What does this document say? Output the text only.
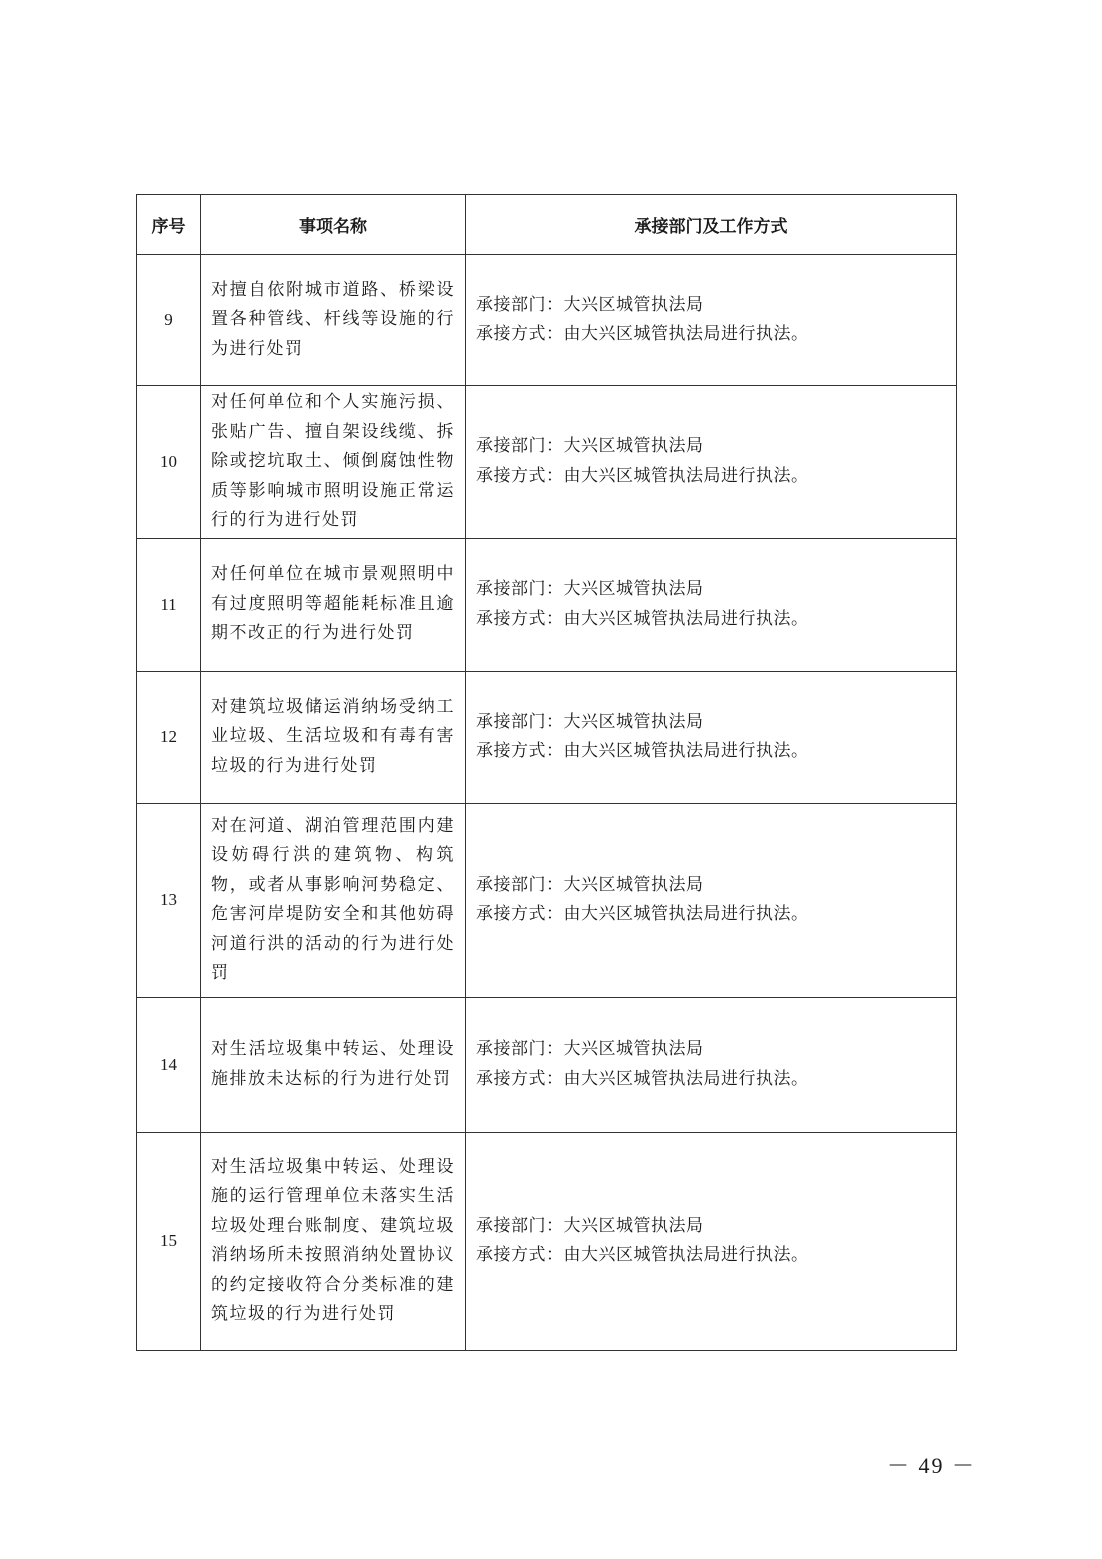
序号	事项名称	承接部门及工作方式
9	对擅自依附城市道路、桥梁设置各种管线、杆线等设施的行为进行处罚	承接部门：大兴区城管执法局
承接方式：由大兴区城管执法局进行执法。

10	对任何单位和个人实施污损、张贴广告、擅自架设线缆、拆除或挖坑取土、倾倒腐蚀性物质等影响城市照明设施正常运行的行为进行处罚	承接部门：大兴区城管执法局
承接方式：由大兴区城管执法局进行执法。

11	对任何单位在城市景观照明中有过度照明等超能耗标准且逾期不改正的行为进行处罚	承接部门：大兴区城管执法局
承接方式：由大兴区城管执法局进行执法。

12	对建筑垃圾储运消纳场受纳工业垃圾、生活垃圾和有毒有害垃圾的行为进行处罚	承接部门：大兴区城管执法局
承接方式：由大兴区城管执法局进行执法。

13	对在河道、湖泊管理范围内建设妨碍行洪的建筑物、构筑物，或者从事影响河势稳定、危害河岸堤防安全和其他妨碍河道行洪的活动的行为进行处罚	承接部门：大兴区城管执法局
承接方式：由大兴区城管执法局进行执法。

14	对生活垃圾集中转运、处理设施排放未达标的行为进行处罚	承接部门：大兴区城管执法局
承接方式：由大兴区城管执法局进行执法。

15	对生活垃圾集中转运、处理设施的运行管理单位未落实生活垃圾处理台账制度、建筑垃圾消纳场所未按照消纳处置协议的约定接收符合分类标准的建筑垃圾的行为进行处罚	承接部门：大兴区城管执法局
承接方式：由大兴区城管执法局进行执法。
－ 49 －
